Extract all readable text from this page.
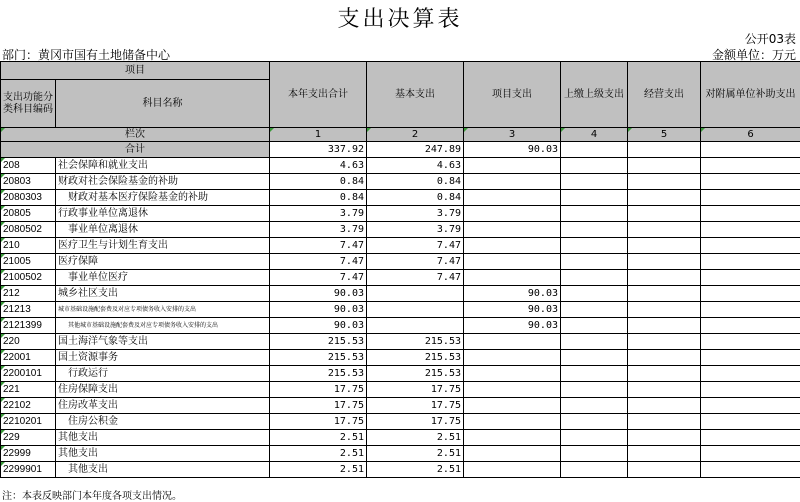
支出决算表
公开03表
部门：黄冈市国有土地储备中心	金额单位：万元
项目		本年支出合计	基本支出	项目支出	上缴上级支出	经营支出	对附属单位补助支出
支出功能分类科目编码	科目名称						
栏次		1	2	3	4	5	6
合计		337.92	247.89	90.03			
208	社会保障和就业支出	4.63	4.63				
20803	财政对社会保险基金的补助	0.84	0.84				
2080303	财政对基本医疗保险基金的补助	0.84	0.84				
20805	行政事业单位离退休	3.79	3.79				
2080502	事业单位离退休	3.79	3.79				
210	医疗卫生与计划生育支出	7.47	7.47				
21005	医疗保障	7.47	7.47				
2100502	事业单位医疗	7.47	7.47				
212	城乡社区支出	90.03		90.03			
21213	城市基础设施配套费及对应专项债务收入安排的支出	90.03		90.03			
2121399	其他城市基础设施配套费及对应专项债务收入安排的支出	90.03		90.03			
220	国土海洋气象等支出	215.53	215.53				
22001	国土资源事务	215.53	215.53				
2200101	行政运行	215.53	215.53				
221	住房保障支出	17.75	17.75				
22102	住房改革支出	17.75	17.75				
2210201	住房公积金	17.75	17.75				
229	其他支出	2.51	2.51				
22999	其他支出	2.51	2.51				
2299901	其他支出	2.51	2.51				
注：本表反映部门本年度各项支出情况。
